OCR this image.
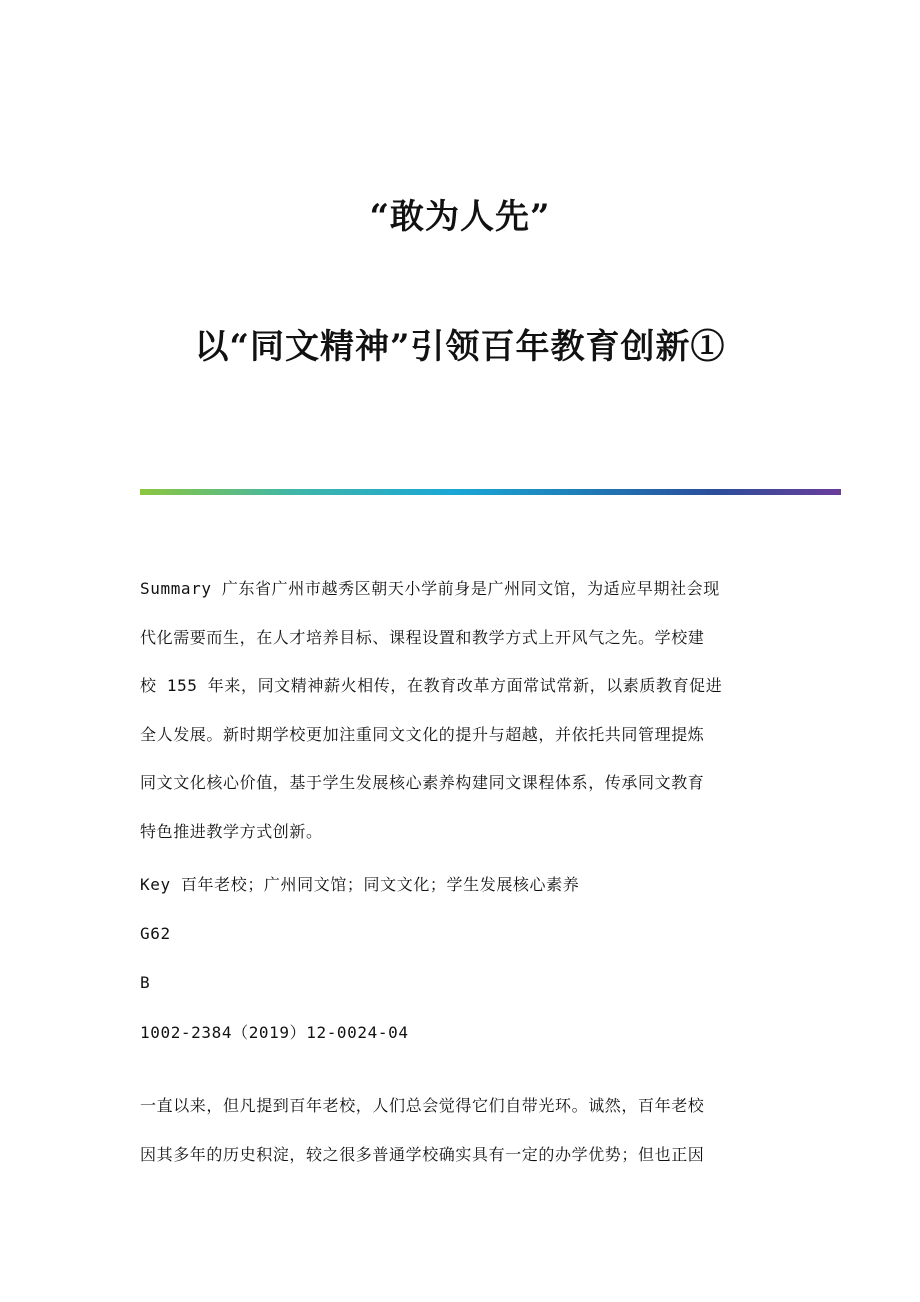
“敢为人先”
以“同文精神”引领百年教育创新①
Summary 广东省广州市越秀区朝天小学前身是广州同文馆，为适应早期社会现
代化需要而生，在人才培养目标、课程设置和教学方式上开风气之先。学校建
校 155 年来，同文精神薪火相传，在教育改革方面常试常新，以素质教育促进
全人发展。新时期学校更加注重同文文化的提升与超越，并依托共同管理提炼
同文文化核心价值，基于学生发展核心素养构建同文课程体系，传承同文教育
特色推进教学方式创新。
Key 百年老校；广州同文馆；同文文化；学生发展核心素养
G62
B
1002-2384（2019）12-0024-04
一直以来，但凡提到百年老校，人们总会觉得它们自带光环。诚然，百年老校
因其多年的历史积淀，较之很多普通学校确实具有一定的办学优势；但也正因
